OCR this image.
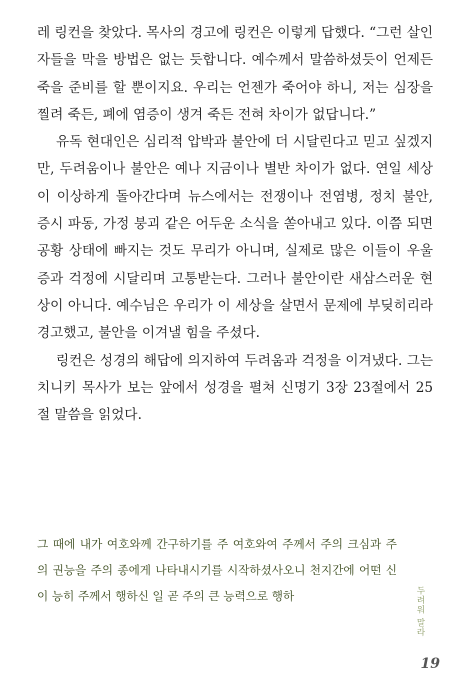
레 링컨을 찾았다. 목사의 경고에 링컨은 이렇게 답했다. “그런 살인자들을 막을 방법은 없는 듯합니다. 예수께서 말씀하셨듯이 언제든 죽을 준비를 할 뿐이지요. 우리는 언젠가 죽어야 하니, 저는 심장을 찔려 죽든, 폐에 염증이 생겨 죽든 전혀 차이가 없답니다.”

유독 현대인은 심리적 압박과 불안에 더 시달린다고 믿고 싶겠지만, 두려움이나 불안은 예나 지금이나 별반 차이가 없다. 연일 세상이 이상하게 돌아간다며 뉴스에서는 전쟁이나 전염병, 정치 불안, 증시 파동, 가정 붕괴 같은 어두운 소식을 쏟아내고 있다. 이쯤 되면 공황 상태에 빠지는 것도 무리가 아니며, 실제로 많은 이들이 우울증과 걱정에 시달리며 고통받는다. 그러나 불안이란 새삼스러운 현상이 아니다. 예수님은 우리가 이 세상을 살면서 문제에 부딪히리라 경고했고, 불안을 이겨낼 힘을 주셨다.

링컨은 성경의 해답에 의지하여 두려움과 걱정을 이겨냈다. 그는 치니키 목사가 보는 앞에서 성경을 펼쳐 신명기 3장 23절에서 25절 말씀을 읽었다.

그 때에 내가 여호와께 간구하기를 주 여호와여 주께서 주의 크심과 주의 권능을 주의 종에게 나타내시기를 시작하셨사오니 천지간에 어떤 신이 능히 주께서 행하신 일 곧 주의 큰 능력으로 행하	두려워 말라
19
